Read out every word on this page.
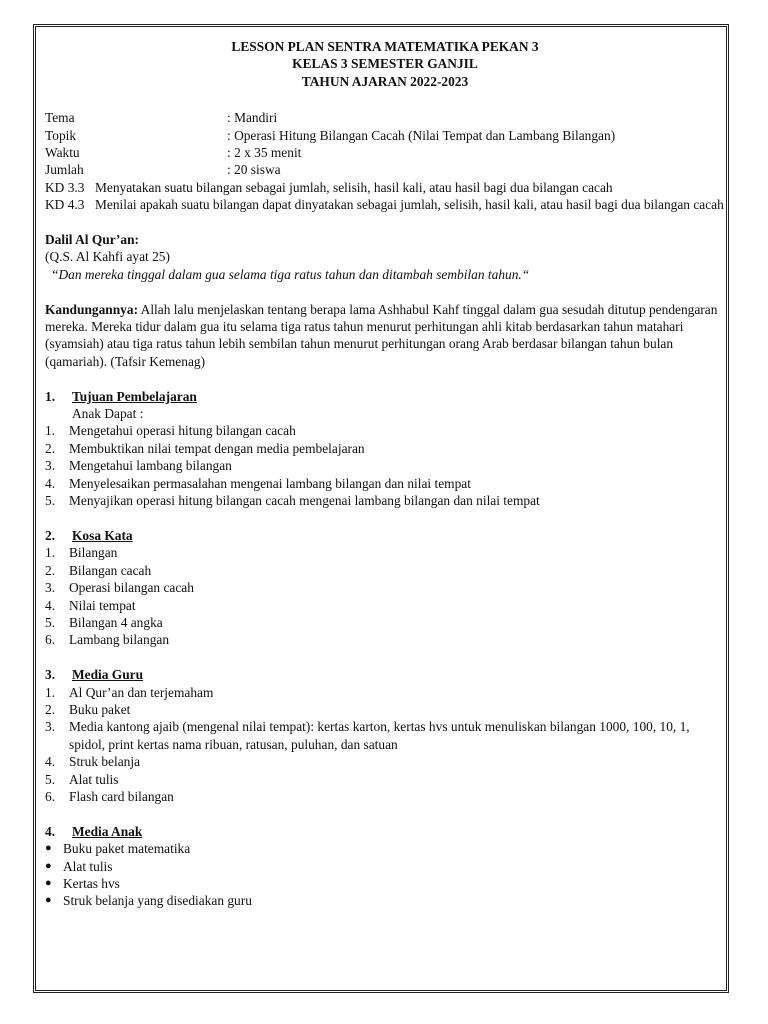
LESSON PLAN SENTRA MATEMATIKA PEKAN 3
KELAS 3 SEMESTER GANJIL
TAHUN AJARAN 2022-2023
Tema	: Mandiri
Topik	: Operasi Hitung Bilangan Cacah (Nilai Tempat dan Lambang Bilangan)
Waktu	: 2 x 35 menit
Jumlah	: 20 siswa
KD 3.3 Menyatakan suatu bilangan sebagai jumlah, selisih, hasil kali, atau hasil bagi dua bilangan cacah
KD 4.3 Menilai apakah suatu bilangan dapat dinyatakan sebagai jumlah, selisih, hasil kali, atau hasil bagi dua bilangan cacah
Dalil Al Qur’an:
(Q.S. Al Kahfi ayat 25)
“Dan mereka tinggal dalam gua selama tiga ratus tahun dan ditambah sembilan tahun.“

Kandungannya: Allah lalu menjelaskan tentang berapa lama Ashhabul Kahf tinggal dalam gua sesudah ditutup pendengaran mereka. Mereka tidur dalam gua itu selama tiga ratus tahun menurut perhitungan ahli kitab berdasarkan tahun matahari (syamsiah) atau tiga ratus tahun lebih sembilan tahun menurut perhitungan orang Arab berdasar bilangan tahun bulan (qamariah). (Tafsir Kemenag)

1.	Tujuan Pembelajaran
Anak Dapat :
1.	Mengetahui operasi hitung bilangan cacah
2.	Membuktikan nilai tempat dengan media pembelajaran
3.	Mengetahui lambang bilangan
4.	Menyelesaikan permasalahan mengenai lambang bilangan dan nilai tempat
5.	Menyajikan operasi hitung bilangan cacah mengenai lambang bilangan dan nilai tempat
2.	Kosa Kata
1.	Bilangan
2.	Bilangan cacah
3.	Operasi bilangan cacah
4.	Nilai tempat
5.	Bilangan 4 angka
6.	Lambang bilangan
3.	Media Guru
1.	Al Qur’an dan terjemaham
2.	Buku paket
3.	Media kantong ajaib (mengenal nilai tempat): kertas karton, kertas hvs untuk menuliskan bilangan 1000, 100, 10, 1, spidol, print kertas nama ribuan, ratusan, puluhan, dan satuan
4.	Struk belanja
5.	Alat tulis
6.	Flash card bilangan
4.	Media Anak
● Buku paket matematika
● Alat tulis
● Kertas hvs
● Struk belanja yang disediakan guru
